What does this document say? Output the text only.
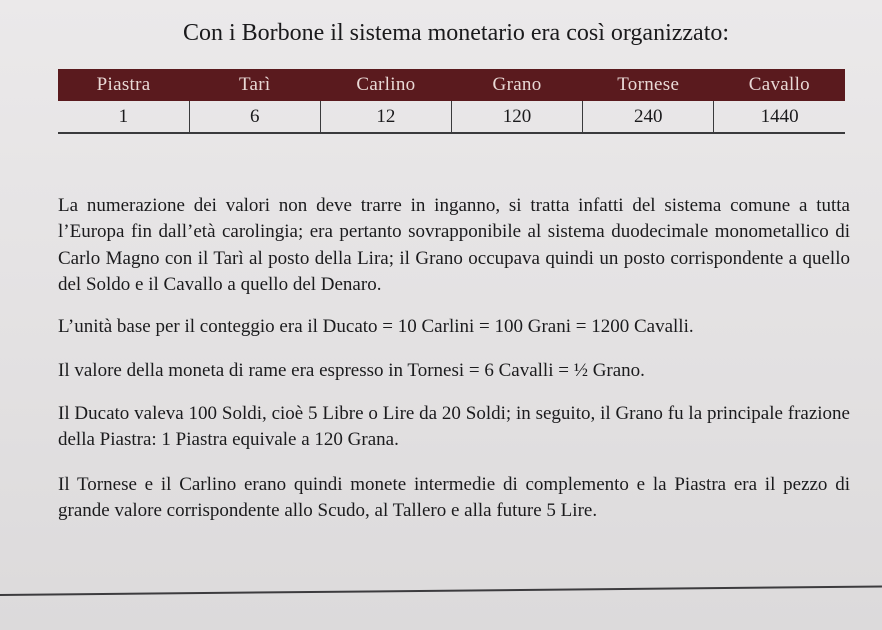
Con i Borbone il sistema monetario era così organizzato:
Piastra	Tarì	Carlino	Grano	Tornese	Cavallo
1	6	12	120	240	1440

La numerazione dei valori non deve trarre in inganno, si tratta infatti del sistema comune a tutta l’Europa fin dall’età carolingia; era pertanto sovrapponibile al sistema duodecimale monometallico di Carlo Magno con il Tarì al posto della Lira; il Grano occupava quindi un posto corrispondente a quello del Soldo e il Cavallo a quello del Denaro.

L’unità base per il conteggio era il Ducato = 10 Carlini = 100 Grani = 1200 Cavalli.

Il valore della moneta di rame era espresso in Tornesi = 6 Cavalli = ½ Grano.

Il Ducato valeva 100 Soldi, cioè 5 Libre o Lire da 20 Soldi; in seguito, il Grano fu la principale frazione della Piastra: 1 Piastra equivale a 120 Grana.

Il Tornese e il Carlino erano quindi monete intermedie di complemento e la Piastra era il pezzo di grande valore corrispondente allo Scudo, al Tallero e alla future 5 Lire.
